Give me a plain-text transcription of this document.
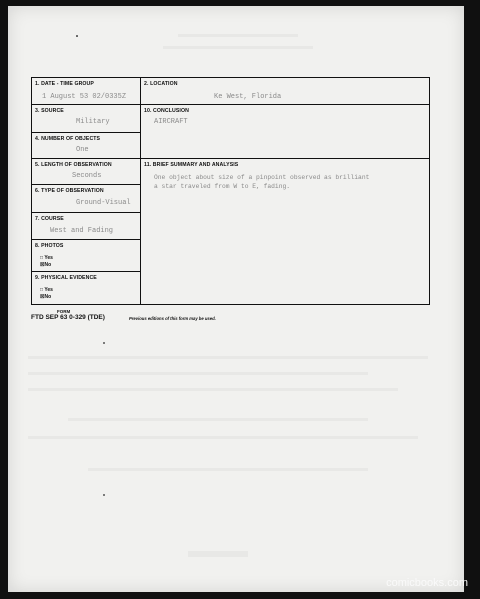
1. DATE - TIME GROUP
1 August 53 02/0335Z
2. LOCATION
Ke West, Florida
3. SOURCE
Military
10. CONCLUSION
AIRCRAFT
4. NUMBER OF OBJECTS
One
5. LENGTH OF OBSERVATION
Seconds
11. BRIEF SUMMARY AND ANALYSIS
One object about size of a pinpoint observed as brilliant
a star traveled from W to E, fading.
6. TYPE OF OBSERVATION
Ground-Visual
7. COURSE
West and Fading
8. PHOTOS
□ Yes
☒No
9. PHYSICAL EVIDENCE
□ Yes
☒No
FORM
FTD SEP 63 0-329 (TDE)	Previous editions of this form may be used.
comicbooks.com
